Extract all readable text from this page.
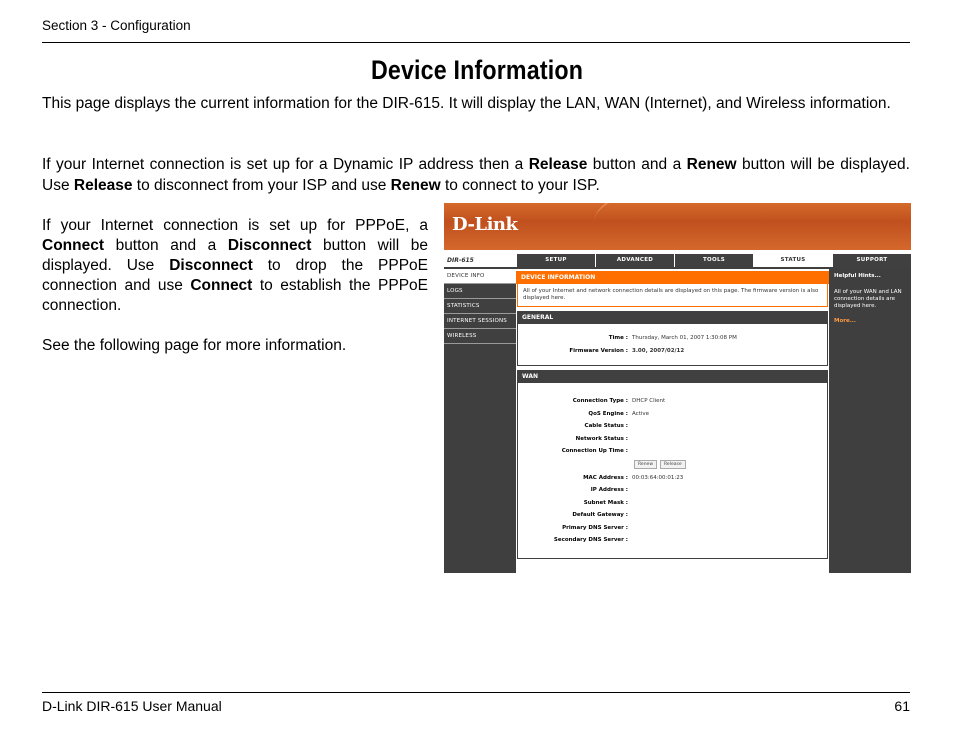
Section 3 - Configuration
Device Information

This page displays the current information for the DIR-615. It will display the LAN, WAN (Internet), and Wireless information.

If your Internet connection is set up for a Dynamic IP address then a Release button and a Renew button will be displayed. Use Release to disconnect from your ISP and use Renew to connect to your ISP.

If your Internet connection is set up for PPPoE, a Connect button and a Disconnect button will be displayed. Use Disconnect to drop the PPPoE connection and use Connect to establish the PPPoE connection.

See the following page for more information.

D-Link
DIR-615	SETUP	ADVANCED	TOOLS	STATUS	SUPPORT
DEVICE INFO
LOGS
STATISTICS
INTERNET SESSIONS
WIRELESS
DEVICE INFORMATION
All of your Internet and network connection details are displayed on this page. The firmware version is also displayed here.
GENERAL
Time : Thursday, March 01, 2007 1:30:08 PM
Firmware Version : 3.00, 2007/02/12
WAN
Connection Type : DHCP Client
QoS Engine : Active
Cable Status :
Network Status :
Connection Up Time :
Renew	Release
MAC Address : 00:03:64:00:01:23
IP Address :
Subnet Mask :
Default Gateway :
Primary DNS Server :
Secondary DNS Server :
Helpful Hints...
All of your WAN and LAN connection details are displayed here.
More...
D-Link DIR-615 User Manual	61
